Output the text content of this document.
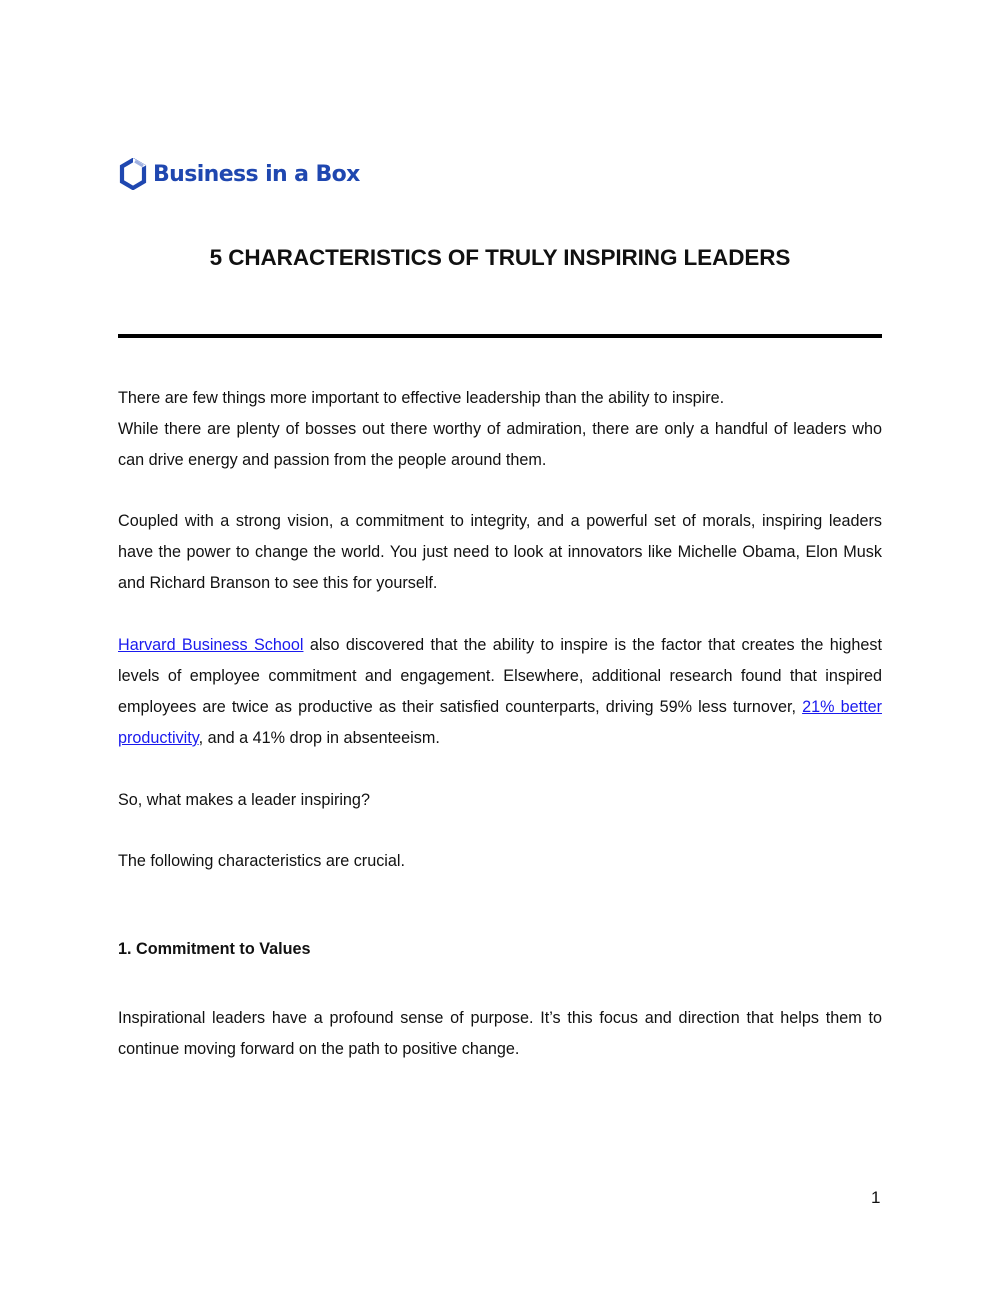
Business in a Box
5 CHARACTERISTICS OF TRULY INSPIRING LEADERS
There are few things more important to effective leadership than the ability to inspire.
While there are plenty of bosses out there worthy of admiration, there are only a handful of leaders who can drive energy and passion from the people around them.
Coupled with a strong vision, a commitment to integrity, and a powerful set of morals, inspiring leaders have the power to change the world. You just need to look at innovators like Michelle Obama, Elon Musk and Richard Branson to see this for yourself.
Harvard Business School also discovered that the ability to inspire is the factor that creates the highest levels of employee commitment and engagement. Elsewhere, additional research found that inspired employees are twice as productive as their satisfied counterparts, driving 59% less turnover, 21% better productivity, and a 41% drop in absenteeism.
So, what makes a leader inspiring?
The following characteristics are crucial.
1. Commitment to Values
Inspirational leaders have a profound sense of purpose. It’s this focus and direction that helps them to continue moving forward on the path to positive change.
1
